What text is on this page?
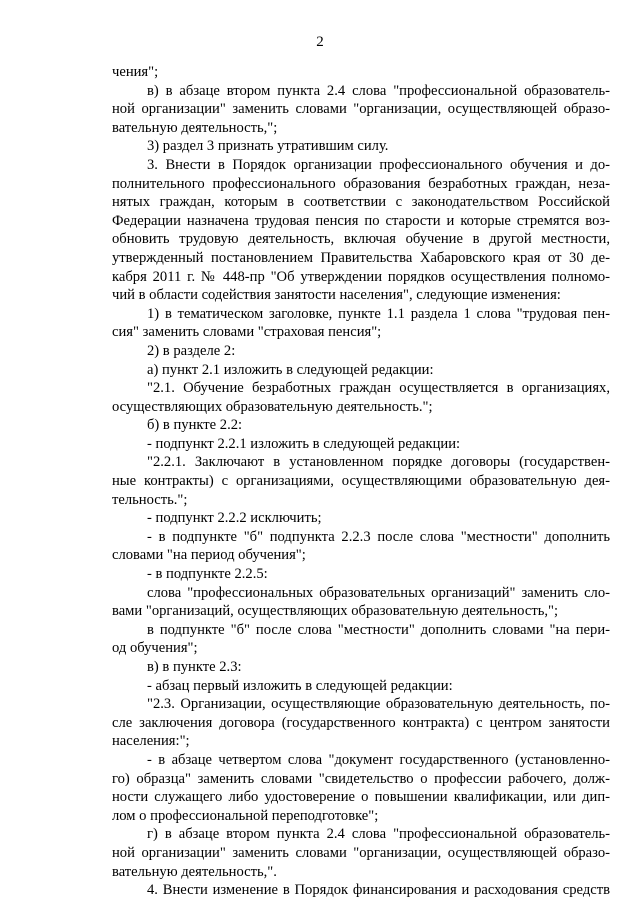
2
чения";
в) в абзаце втором пункта 2.4 слова "профессиональной образователь-
ной организации" заменить словами "организации, осуществляющей образо-
вательную деятельность,";
3) раздел 3 признать утратившим силу.
3. Внести в Порядок организации профессионального обучения и до-
полнительного профессионального образования безработных граждан, неза-
нятых граждан, которым в соответствии с законодательством Российской
Федерации назначена трудовая пенсия по старости и которые стремятся воз-
обновить трудовую деятельность, включая обучение в другой местности,
утвержденный постановлением Правительства Хабаровского края от 30 де-
кабря 2011 г. № 448-пр "Об утверждении порядков осуществления полномо-
чий в области содействия занятости населения", следующие изменения:
1) в тематическом заголовке, пункте 1.1 раздела 1 слова "трудовая пен-
сия" заменить словами "страховая пенсия";
2) в разделе 2:
а) пункт 2.1 изложить в следующей редакции:
"2.1. Обучение безработных граждан осуществляется в организациях,
осуществляющих образовательную деятельность.";
б) в пункте 2.2:
- подпункт 2.2.1 изложить в следующей редакции:
"2.2.1. Заключают в установленном порядке договоры (государствен-
ные контракты) с организациями, осуществляющими образовательную дея-
тельность.";
- подпункт 2.2.2 исключить;
- в подпункте "б" подпункта 2.2.3 после слова "местности" дополнить
словами "на период обучения";
- в подпункте 2.2.5:
слова "профессиональных образовательных организаций" заменить сло-
вами "организаций, осуществляющих образовательную деятельность,";
в подпункте "б" после слова "местности" дополнить словами "на пери-
од обучения";
в) в пункте 2.3:
- абзац первый изложить в следующей редакции:
"2.3. Организации, осуществляющие образовательную деятельность, по-
сле заключения договора (государственного контракта) с центром занятости
населения:";
- в абзаце четвертом слова "документ государственного (установленно-
го) образца" заменить словами "свидетельство о профессии рабочего, долж-
ности служащего либо удостоверение о повышении квалификации, или дип-
лом о профессиональной переподготовке";
г) в абзаце втором пункта 2.4 слова "профессиональной образователь-
ной организации" заменить словами "организации, осуществляющей образо-
вательную деятельность,".
4. Внести изменение в Порядок финансирования и расходования средств
